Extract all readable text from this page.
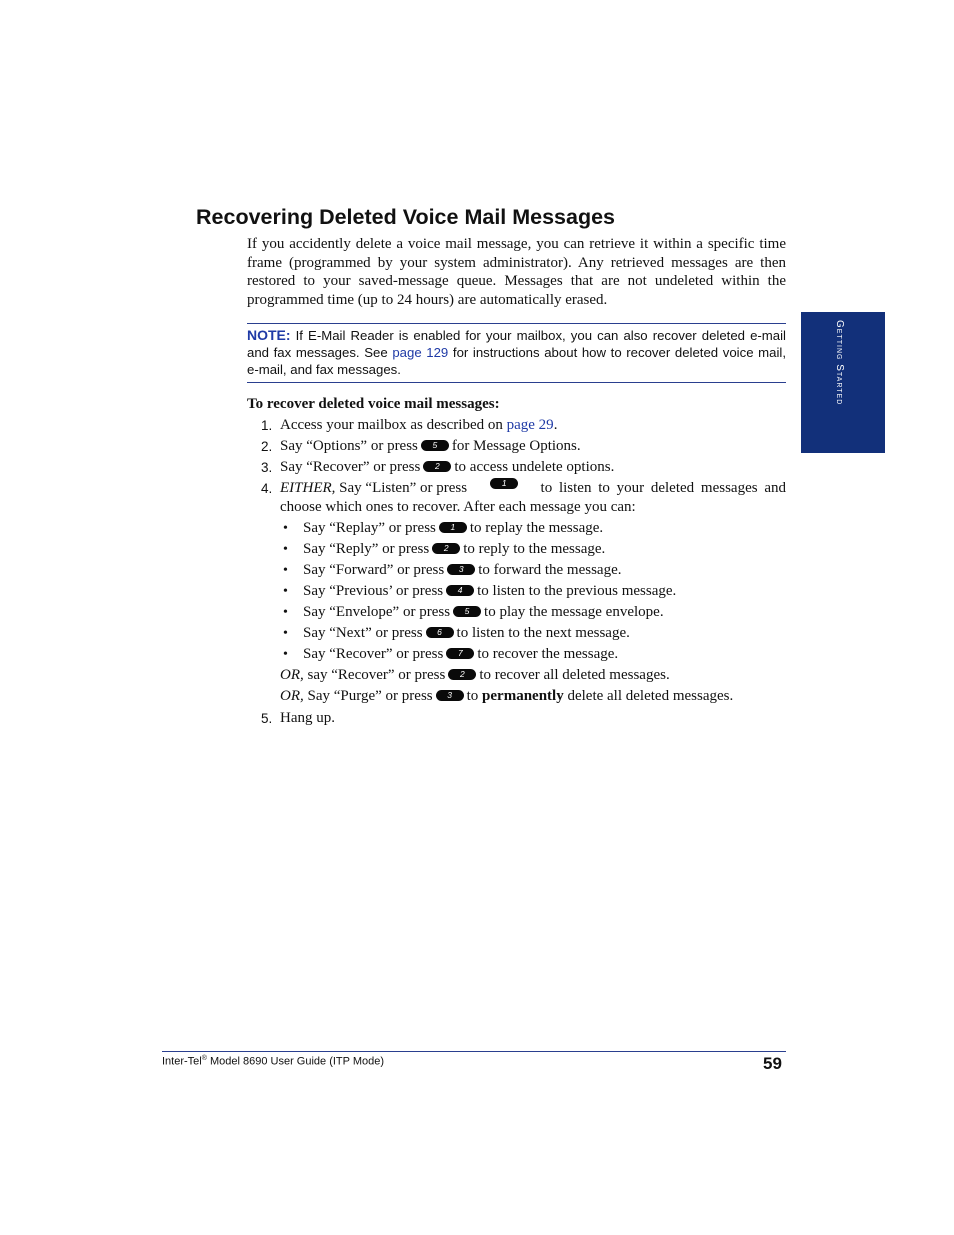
Getting Started
Recovering Deleted Voice Mail Messages
If you accidently delete a voice mail message, you can retrieve it within a specific time frame (programmed by your system administrator). Any retrieved messages are then restored to your saved-message queue. Messages that are not undeleted within the programmed time (up to 24 hours) are automatically erased.
NOTE: If E-Mail Reader is enabled for your mailbox, you can also recover deleted e-mail and fax messages. See page 129 for instructions about how to recover deleted voice mail, e-mail, and fax messages.
To recover deleted voice mail messages:
1. Access your mailbox as described on page 29.
2. Say “Options” or press 5 for Message Options.
3. Say “Recover” or press 2 to access undelete options.
4. EITHER, Say “Listen” or press	1	to listen to your deleted messages and
choose which ones to recover. After each message you can:
• Say “Replay” or press 1 to replay the message.
• Say “Reply” or press 2 to reply to the message.
• Say “Forward” or press 3 to forward the message.
• Say “Previous’ or press 4 to listen to the previous message.
• Say “Envelope” or press 5 to play the message envelope.
• Say “Next” or press 6 to listen to the next message.
• Say “Recover” or press 7 to recover the message.
OR, say “Recover” or press 2 to recover all deleted messages.
OR, Say “Purge” or press 3 to permanently delete all deleted messages.
5. Hang up.
Inter-Tel® Model 8690 User Guide (ITP Mode)	59
